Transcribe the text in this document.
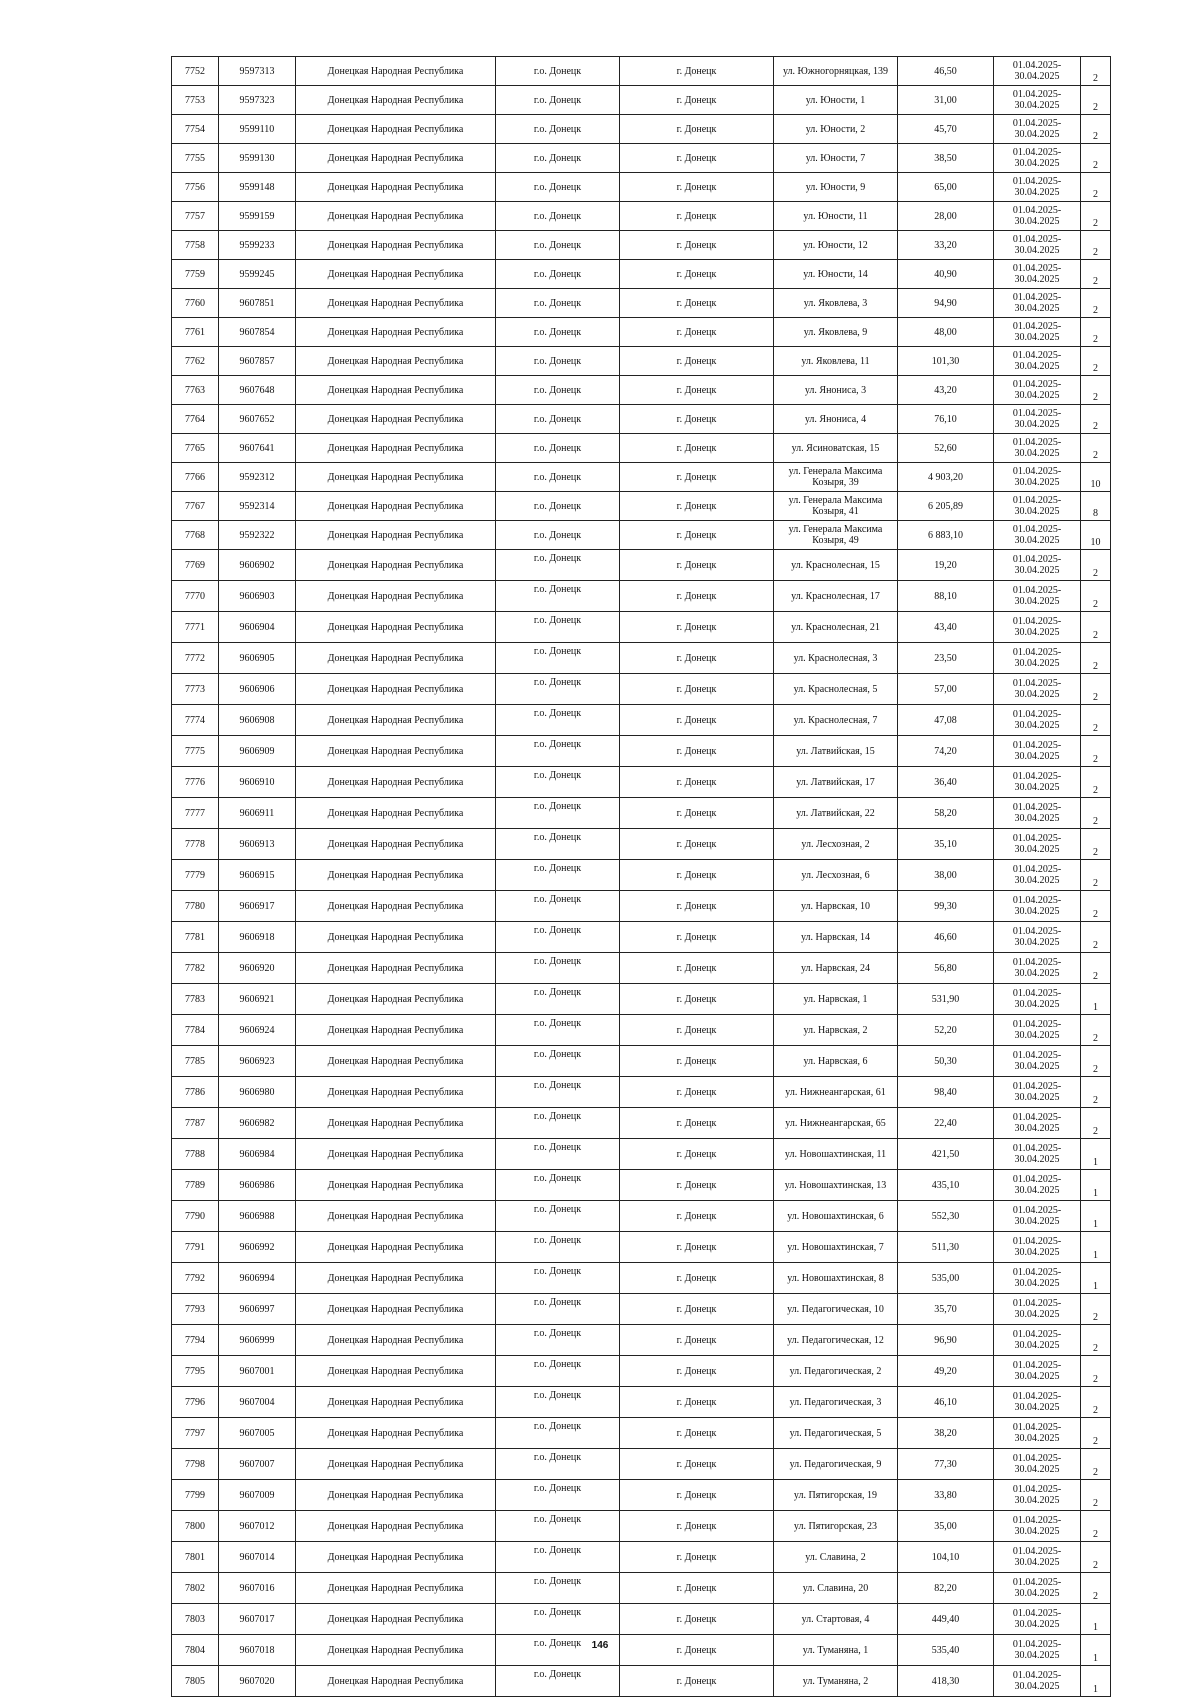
7752	9597313	Донецкая Народная Республика	г.о. Донецк	г. Донецк	ул. Южногорняцкая, 139	46,50	01.04.2025-30.04.2025	2
7753	9597323	Донецкая Народная Республика	г.о. Донецк	г. Донецк	ул. Юности, 1	31,00	01.04.2025-30.04.2025	2
7754	9599110	Донецкая Народная Республика	г.о. Донецк	г. Донецк	ул. Юности, 2	45,70	01.04.2025-30.04.2025	2
7755	9599130	Донецкая Народная Республика	г.о. Донецк	г. Донецк	ул. Юности, 7	38,50	01.04.2025-30.04.2025	2
7756	9599148	Донецкая Народная Республика	г.о. Донецк	г. Донецк	ул. Юности, 9	65,00	01.04.2025-30.04.2025	2
7757	9599159	Донецкая Народная Республика	г.о. Донецк	г. Донецк	ул. Юности, 11	28,00	01.04.2025-30.04.2025	2
7758	9599233	Донецкая Народная Республика	г.о. Донецк	г. Донецк	ул. Юности, 12	33,20	01.04.2025-30.04.2025	2
7759	9599245	Донецкая Народная Республика	г.о. Донецк	г. Донецк	ул. Юности, 14	40,90	01.04.2025-30.04.2025	2
7760	9607851	Донецкая Народная Республика	г.о. Донецк	г. Донецк	ул. Яковлева, 3	94,90	01.04.2025-30.04.2025	2
7761	9607854	Донецкая Народная Республика	г.о. Донецк	г. Донецк	ул. Яковлева, 9	48,00	01.04.2025-30.04.2025	2
7762	9607857	Донецкая Народная Республика	г.о. Донецк	г. Донецк	ул. Яковлева, 11	101,30	01.04.2025-30.04.2025	2
7763	9607648	Донецкая Народная Республика	г.о. Донецк	г. Донецк	ул. Янониса, 3	43,20	01.04.2025-30.04.2025	2
7764	9607652	Донецкая Народная Республика	г.о. Донецк	г. Донецк	ул. Янониса, 4	76,10	01.04.2025-30.04.2025	2
7765	9607641	Донецкая Народная Республика	г.о. Донецк	г. Донецк	ул. Ясиноватская, 15	52,60	01.04.2025-30.04.2025	2
7766	9592312	Донецкая Народная Республика	г.о. Донецк	г. Донецк	ул. Генерала Максима Козыря, 39	4 903,20	01.04.2025-30.04.2025	10
7767	9592314	Донецкая Народная Республика	г.о. Донецк	г. Донецк	ул. Генерала Максима Козыря, 41	6 205,89	01.04.2025-30.04.2025	8
7768	9592322	Донецкая Народная Республика	г.о. Донецк	г. Донецк	ул. Генерала Максима Козыря, 49	6 883,10	01.04.2025-30.04.2025	10
7769	9606902	Донецкая Народная Республика	г.о. Донецк	г. Донецк	ул. Краснолесная, 15	19,20	01.04.2025-30.04.2025	2
7770	9606903	Донецкая Народная Республика	г.о. Донецк	г. Донецк	ул. Краснолесная, 17	88,10	01.04.2025-30.04.2025	2
7771	9606904	Донецкая Народная Республика	г.о. Донецк	г. Донецк	ул. Краснолесная, 21	43,40	01.04.2025-30.04.2025	2
7772	9606905	Донецкая Народная Республика	г.о. Донецк	г. Донецк	ул. Краснолесная, 3	23,50	01.04.2025-30.04.2025	2
7773	9606906	Донецкая Народная Республика	г.о. Донецк	г. Донецк	ул. Краснолесная, 5	57,00	01.04.2025-30.04.2025	2
7774	9606908	Донецкая Народная Республика	г.о. Донецк	г. Донецк	ул. Краснолесная, 7	47,08	01.04.2025-30.04.2025	2
7775	9606909	Донецкая Народная Республика	г.о. Донецк	г. Донецк	ул. Латвийская, 15	74,20	01.04.2025-30.04.2025	2
7776	9606910	Донецкая Народная Республика	г.о. Донецк	г. Донецк	ул. Латвийская, 17	36,40	01.04.2025-30.04.2025	2
7777	9606911	Донецкая Народная Республика	г.о. Донецк	г. Донецк	ул. Латвийская, 22	58,20	01.04.2025-30.04.2025	2
7778	9606913	Донецкая Народная Республика	г.о. Донецк	г. Донецк	ул. Лесхозная, 2	35,10	01.04.2025-30.04.2025	2
7779	9606915	Донецкая Народная Республика	г.о. Донецк	г. Донецк	ул. Лесхозная, 6	38,00	01.04.2025-30.04.2025	2
7780	9606917	Донецкая Народная Республика	г.о. Донецк	г. Донецк	ул. Нарвская, 10	99,30	01.04.2025-30.04.2025	2
7781	9606918	Донецкая Народная Республика	г.о. Донецк	г. Донецк	ул. Нарвская, 14	46,60	01.04.2025-30.04.2025	2
7782	9606920	Донецкая Народная Республика	г.о. Донецк	г. Донецк	ул. Нарвская, 24	56,80	01.04.2025-30.04.2025	2
7783	9606921	Донецкая Народная Республика	г.о. Донецк	г. Донецк	ул. Нарвская, 1	531,90	01.04.2025-30.04.2025	1
7784	9606924	Донецкая Народная Республика	г.о. Донецк	г. Донецк	ул. Нарвская, 2	52,20	01.04.2025-30.04.2025	2
7785	9606923	Донецкая Народная Республика	г.о. Донецк	г. Донецк	ул. Нарвская, 6	50,30	01.04.2025-30.04.2025	2
7786	9606980	Донецкая Народная Республика	г.о. Донецк	г. Донецк	ул. Нижнеангарская, 61	98,40	01.04.2025-30.04.2025	2
7787	9606982	Донецкая Народная Республика	г.о. Донецк	г. Донецк	ул. Нижнеангарская, 65	22,40	01.04.2025-30.04.2025	2
7788	9606984	Донецкая Народная Республика	г.о. Донецк	г. Донецк	ул. Новошахтинская, 11	421,50	01.04.2025-30.04.2025	1
7789	9606986	Донецкая Народная Республика	г.о. Донецк	г. Донецк	ул. Новошахтинская, 13	435,10	01.04.2025-30.04.2025	1
7790	9606988	Донецкая Народная Республика	г.о. Донецк	г. Донецк	ул. Новошахтинская, 6	552,30	01.04.2025-30.04.2025	1
7791	9606992	Донецкая Народная Республика	г.о. Донецк	г. Донецк	ул. Новошахтинская, 7	511,30	01.04.2025-30.04.2025	1
7792	9606994	Донецкая Народная Республика	г.о. Донецк	г. Донецк	ул. Новошахтинская, 8	535,00	01.04.2025-30.04.2025	1
7793	9606997	Донецкая Народная Республика	г.о. Донецк	г. Донецк	ул. Педагогическая, 10	35,70	01.04.2025-30.04.2025	2
7794	9606999	Донецкая Народная Республика	г.о. Донецк	г. Донецк	ул. Педагогическая, 12	96,90	01.04.2025-30.04.2025	2
7795	9607001	Донецкая Народная Республика	г.о. Донецк	г. Донецк	ул. Педагогическая, 2	49,20	01.04.2025-30.04.2025	2
7796	9607004	Донецкая Народная Республика	г.о. Донецк	г. Донецк	ул. Педагогическая, 3	46,10	01.04.2025-30.04.2025	2
7797	9607005	Донецкая Народная Республика	г.о. Донецк	г. Донецк	ул. Педагогическая, 5	38,20	01.04.2025-30.04.2025	2
7798	9607007	Донецкая Народная Республика	г.о. Донецк	г. Донецк	ул. Педагогическая, 9	77,30	01.04.2025-30.04.2025	2
7799	9607009	Донецкая Народная Республика	г.о. Донецк	г. Донецк	ул. Пятигорская, 19	33,80	01.04.2025-30.04.2025	2
7800	9607012	Донецкая Народная Республика	г.о. Донецк	г. Донецк	ул. Пятигорская, 23	35,00	01.04.2025-30.04.2025	2
7801	9607014	Донецкая Народная Республика	г.о. Донецк	г. Донецк	ул. Славина, 2	104,10	01.04.2025-30.04.2025	2
7802	9607016	Донецкая Народная Республика	г.о. Донецк	г. Донецк	ул. Славина, 20	82,20	01.04.2025-30.04.2025	2
7803	9607017	Донецкая Народная Республика	г.о. Донецк	г. Донецк	ул. Стартовая, 4	449,40	01.04.2025-30.04.2025	1
7804	9607018	Донецкая Народная Республика	г.о. Донецк	г. Донецк	ул. Туманяна, 1	535,40	01.04.2025-30.04.2025	1
7805	9607020	Донецкая Народная Республика	г.о. Донецк	г. Донецк	ул. Туманяна, 2	418,30	01.04.2025-30.04.2025	1
146
